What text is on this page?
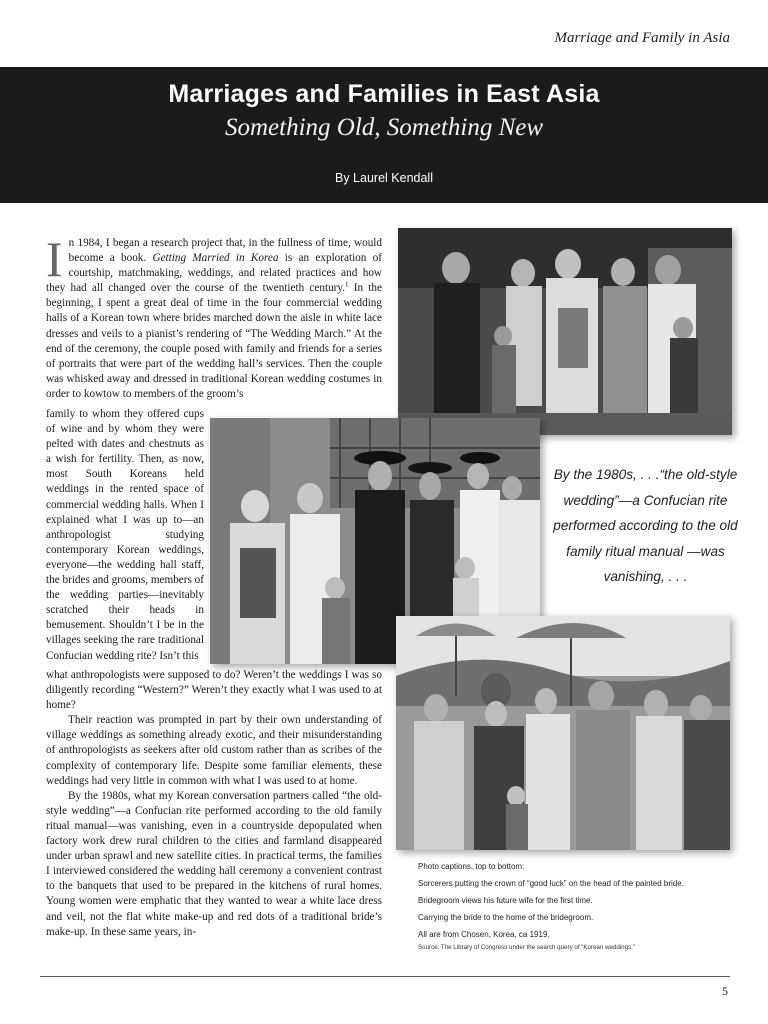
Marriage and Family in Asia
Marriages and Families in East Asia
Something Old, Something New
By Laurel Kendall

In 1984, I began a research project that, in the fullness of time, would become a book. Getting Married in Korea is an exploration of courtship, matchmaking, weddings, and related practices and how they had all changed over the course of the twentieth century.$^1$ In the beginning, I spent a great deal of time in the four commercial wedding halls of a Korean town where brides marched down the aisle in white lace dresses and veils to a pianist’s rendering of “The Wedding March.” At the end of the ceremony, the couple posed with family and friends for a series of portraits that were part of the wedding hall’s services. Then the couple was whisked away and dressed in traditional Korean wedding costumes in order to kowtow to members of the groom’s

family to whom they offered cups of wine and by whom they were pelted with dates and chestnuts as a wish for fertility. Then, as now, most South Koreans held weddings in the rented space of commercial wedding halls. When I explained what I was up to—an anthropologist studying contemporary Korean weddings, everyone—the wedding hall staff, the brides and grooms, members of the wedding parties—inevitably scratched their heads in bemusement. Shouldn’t I be in the villages seeking the rare traditional Confucian wedding rite? Isn’t this

what anthropologists were supposed to do? Weren’t the weddings I was so diligently recording “Western?” Weren’t they exactly what I was used to at home?

Their reaction was prompted in part by their own understanding of village weddings as something already exotic, and their misunderstanding of anthropologists as seekers after old custom rather than as scribes of the complexity of contemporary life. Despite some familiar elements, these weddings had very little in common with what I was used to at home.

By the 1980s, what my Korean conversation partners called “the old-style wedding”—a Confucian rite performed according to the old family ritual manual—was vanishing, even in a countryside depopulated when factory work drew rural children to the cities and farmland disappeared under urban sprawl and new satellite cities. In practical terms, the families I interviewed considered the wedding hall ceremony a convenient contrast to the banquets that used to be prepared in the kitchens of rural homes. Young women were emphatic that they wanted to wear a white lace dress and veil, not the flat white make-up and red dots of a traditional bride’s make-up. In these same years, in-

By the 1980s, . . .“the old-style wedding”—a Confucian rite performed according to the old family ritual manual —was vanishing, . . .
Photo captions, top to bottom:
Sorcerers putting the crown of “good luck” on the head of the painted bride.
Bridegroom views his future wife for the first time.
Carrying the bride to the home of the bridegroom.
All are from Chosen, Korea, ca 1919.
Source: The Library of Congress under the search query of “Korean weddings.”
5
